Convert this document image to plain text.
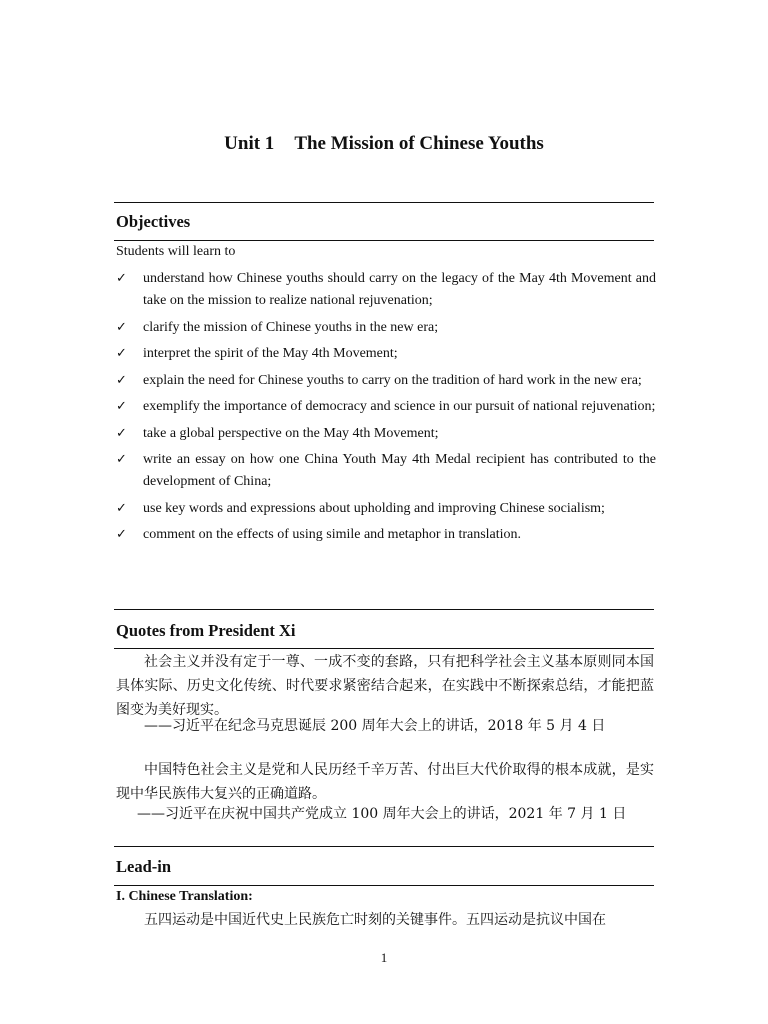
Unit 1 The Mission of Chinese Youths
Objectives
Students will learn to
✓ understand how Chinese youths should carry on the legacy of the May 4th Movement and take on the mission to realize national rejuvenation;
✓ clarify the mission of Chinese youths in the new era;
✓ interpret the spirit of the May 4th Movement;
✓ explain the need for Chinese youths to carry on the tradition of hard work in the new era;
✓ exemplify the importance of democracy and science in our pursuit of national rejuvenation;
✓ take a global perspective on the May 4th Movement;
✓ write an essay on how one China Youth May 4th Medal recipient has contributed to the development of China;
✓ use key words and expressions about upholding and improving Chinese socialism;
✓ comment on the effects of using simile and metaphor in translation.
Quotes from President Xi
社会主义并没有定于一尊、一成不变的套路，只有把科学社会主义基本原则同本国具体实际、历史文化传统、时代要求紧密结合起来，在实践中不断探索总结，才能把蓝图变为美好现实。
——习近平在纪念马克思诞辰 200 周年大会上的讲话，2018 年 5 月 4 日
中国特色社会主义是党和人民历经千辛万苦、付出巨大代价取得的根本成就，是实现中华民族伟大复兴的正确道路。
——习近平在庆祝中国共产党成立 100 周年大会上的讲话，2021 年 7 月 1 日
Lead-in
I. Chinese Translation:
五四运动是中国近代史上民族危亡时刻的关键事件。五四运动是抗议中国在
1
